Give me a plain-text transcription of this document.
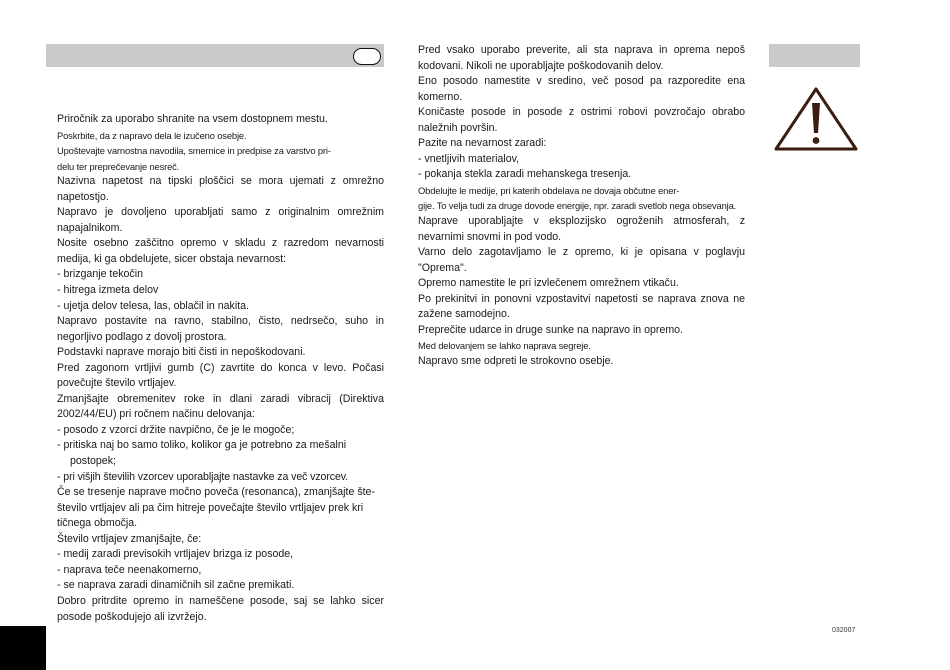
Priročnik za uporabo shranite na vsem dostopnem mestu.

Poskrbite, da z napravo dela le izučeno osebje.

Upoštevajte varnostna navodila, smernice in predpise za varstvo pri-
delu ter preprečevanje nesreč.

Nazivna napetost na tipski ploščici se mora ujemati z omrežno napetostjo.

Napravo je dovoljeno uporabljati samo z originalnim omrežnim napajalnikom.

Nosite osebno zaščitno opremo v skladu z razredom nevarnosti medija, ki ga obdelujete, sicer obstaja nevarnost:

- brizganje tekočin

- hitrega izmeta delov

- ujetja delov telesa, las, oblačil in nakita.

Napravo postavite na ravno, stabilno, čisto, nedrsečo, suho in negorljivo podlago z dovolj prostora.

Podstavki naprave morajo biti čisti in nepoškodovani.

Pred zagonom vrtljivi gumb (C) zavrtite do konca v levo. Počasi povečujte število vrtljajev.

Zmanjšajte obremenitev roke in dlani zaradi vibracij (Direktiva 2002/44/EU) pri ročnem načinu delovanja:

- posodo z vzorci držite navpično, če je le mogoče;

- pritiska naj bo samo toliko, kolikor ga je potrebno za mešalni
postopek;

- pri višjih številih vzorcev uporabljajte nastavke za več vzorcev.

Če se tresenje naprave močno poveča (resonanca), zmanjšajte šte-
število vrtljajev ali pa čim hitreje povečajte število vrtljajev prek kri
tičnega območja.

Število vrtljajev zmanjšajte, če:

- medij zaradi previsokih vrtljajev brizga iz posode,

- naprava teče neenakomerno,

- se naprava zaradi dinamičnih sil začne premikati.

Dobro pritrdite opremo in nameščene posode, saj se lahko sicer posode poškodujejo ali izvržejo.

Pred vsako uporabo preverite, ali sta naprava in oprema nepoš kodovani. Nikoli ne uporabljajte poškodovanih delov.

Eno posodo namestite v sredino, več posod pa razporedite ena komerno.

Koničaste posode in posode z ostrimi robovi povzročajo obrabo naležnih površin.

Pazite na nevarnost zaradi:

- vnetljivih materialov,

- pokanja stekla zaradi mehanskega tresenja.

Obdelujte le medije, pri katerih obdelava ne dovaja občutne ener-
gije. To velja tudi za druge dovode energije, npr. zaradi svetlob nega obsevanja.

Naprave uporabljajte v eksplozijsko ogroženih atmosferah, z nevarnimi snovmi in pod vodo.

Varno delo zagotavljamo le z opremo, ki je opisana v poglavju "Oprema".

Opremo namestite le pri izvlečenem omrežnem vtikaču.

Po prekinitvi in ponovni vzpostavitvi napetosti se naprava znova ne zažene samodejno.

Preprečite udarce in druge sunke na napravo in opremo.

Med delovanjem se lahko naprava segreje.

Napravo sme odpreti le strokovno osebje.

032007
